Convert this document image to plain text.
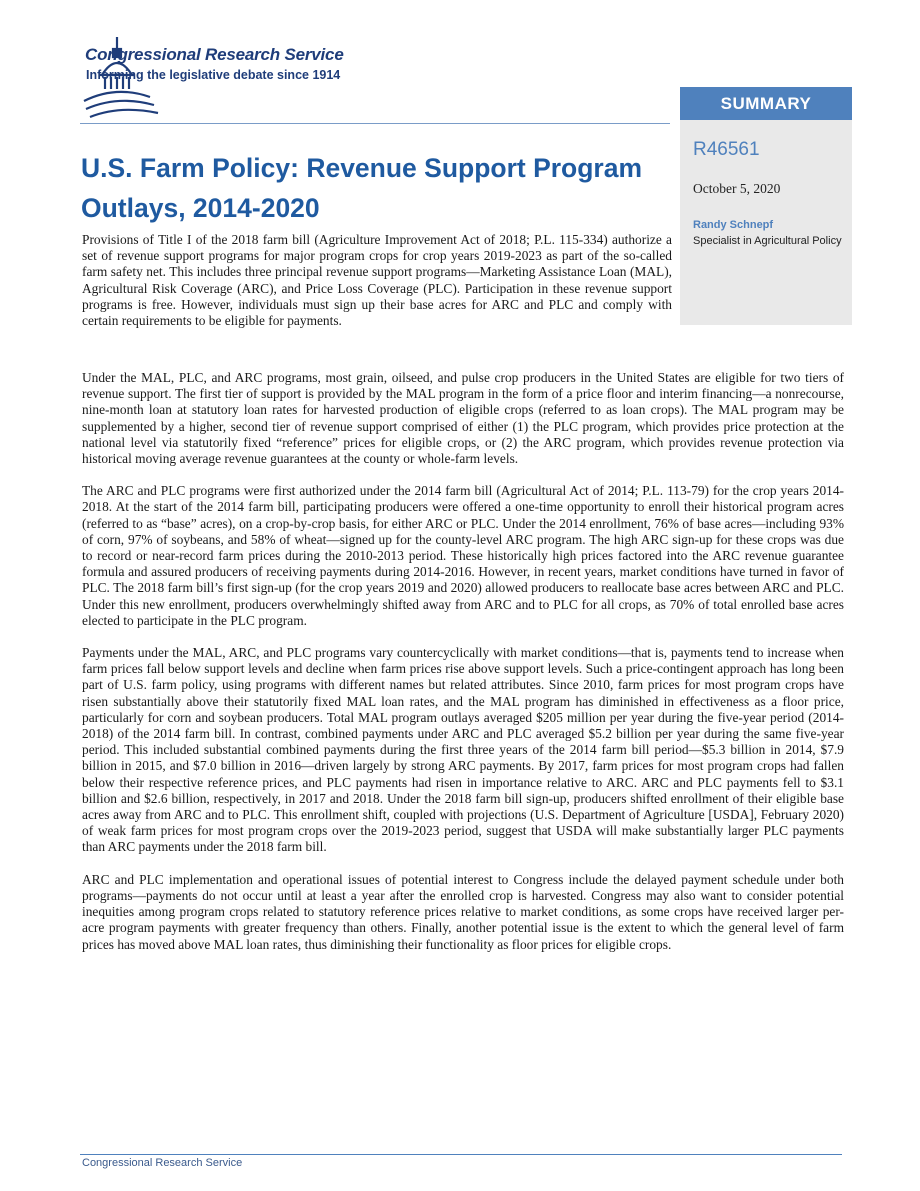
Congressional Research Service
Informing the legislative debate since 1914
SUMMARY
R46561
October 5, 2020
Randy Schnepf
Specialist in Agricultural Policy
U.S. Farm Policy: Revenue Support Program Outlays, 2014-2020

Provisions of Title I of the 2018 farm bill (Agriculture Improvement Act of 2018; P.L. 115-334) authorize a set of revenue support programs for major program crops for crop years 2019-2023 as part of the so-called farm safety net. This includes three principal revenue support programs—Marketing Assistance Loan (MAL), Agricultural Risk Coverage (ARC), and Price Loss Coverage (PLC). Participation in these revenue support programs is free. However, individuals must sign up their base acres for ARC and PLC and comply with certain requirements to be eligible for payments.

Under the MAL, PLC, and ARC programs, most grain, oilseed, and pulse crop producers in the United States are eligible for two tiers of revenue support. The first tier of support is provided by the MAL program in the form of a price floor and interim financing—a nonrecourse, nine-month loan at statutory loan rates for harvested production of eligible crops (referred to as loan crops). The MAL program may be supplemented by a higher, second tier of revenue support comprised of either (1) the PLC program, which provides price protection at the national level via statutorily fixed “reference” prices for eligible crops, or (2) the ARC program, which provides revenue protection via historical moving average revenue guarantees at the county or whole-farm levels.

The ARC and PLC programs were first authorized under the 2014 farm bill (Agricultural Act of 2014; P.L. 113-79) for the crop years 2014-2018. At the start of the 2014 farm bill, participating producers were offered a one-time opportunity to enroll their historical program acres (referred to as “base” acres), on a crop-by-crop basis, for either ARC or PLC. Under the 2014 enrollment, 76% of base acres—including 93% of corn, 97% of soybeans, and 58% of wheat—signed up for the county-level ARC program. The high ARC sign-up for these crops was due to record or near-record farm prices during the 2010-2013 period. These historically high prices factored into the ARC revenue guarantee formula and assured producers of receiving payments during 2014-2016. However, in recent years, market conditions have turned in favor of PLC. The 2018 farm bill’s first sign-up (for the crop years 2019 and 2020) allowed producers to reallocate base acres between ARC and PLC. Under this new enrollment, producers overwhelmingly shifted away from ARC and to PLC for all crops, as 70% of total enrolled base acres elected to participate in the PLC program.

Payments under the MAL, ARC, and PLC programs vary countercyclically with market conditions—that is, payments tend to increase when farm prices fall below support levels and decline when farm prices rise above support levels. Such a price-contingent approach has long been part of U.S. farm policy, using programs with different names but related attributes. Since 2010, farm prices for most program crops have risen substantially above their statutorily fixed MAL loan rates, and the MAL program has diminished in effectiveness as a floor price, particularly for corn and soybean producers. Total MAL program outlays averaged $205 million per year during the five-year period (2014-2018) of the 2014 farm bill. In contrast, combined payments under ARC and PLC averaged $5.2 billion per year during the same five-year period. This included substantial combined payments during the first three years of the 2014 farm bill period—$5.3 billion in 2014, $7.9 billion in 2015, and $7.0 billion in 2016—driven largely by strong ARC payments. By 2017, farm prices for most program crops had fallen below their respective reference prices, and PLC payments had risen in importance relative to ARC. ARC and PLC payments fell to $3.1 billion and $2.6 billion, respectively, in 2017 and 2018. Under the 2018 farm bill sign-up, producers shifted enrollment of their eligible base acres away from ARC and to PLC. This enrollment shift, coupled with projections (U.S. Department of Agriculture [USDA], February 2020) of weak farm prices for most program crops over the 2019-2023 period, suggest that USDA will make substantially larger PLC payments than ARC payments under the 2018 farm bill.

ARC and PLC implementation and operational issues of potential interest to Congress include the delayed payment schedule under both programs—payments do not occur until at least a year after the enrolled crop is harvested. Congress may also want to consider potential inequities among program crops related to statutory reference prices relative to market conditions, as some crops have received larger per-acre program payments with greater frequency than others. Finally, another potential issue is the extent to which the general level of farm prices has moved above MAL loan rates, thus diminishing their functionality as floor prices for eligible crops.

Congressional Research Service
